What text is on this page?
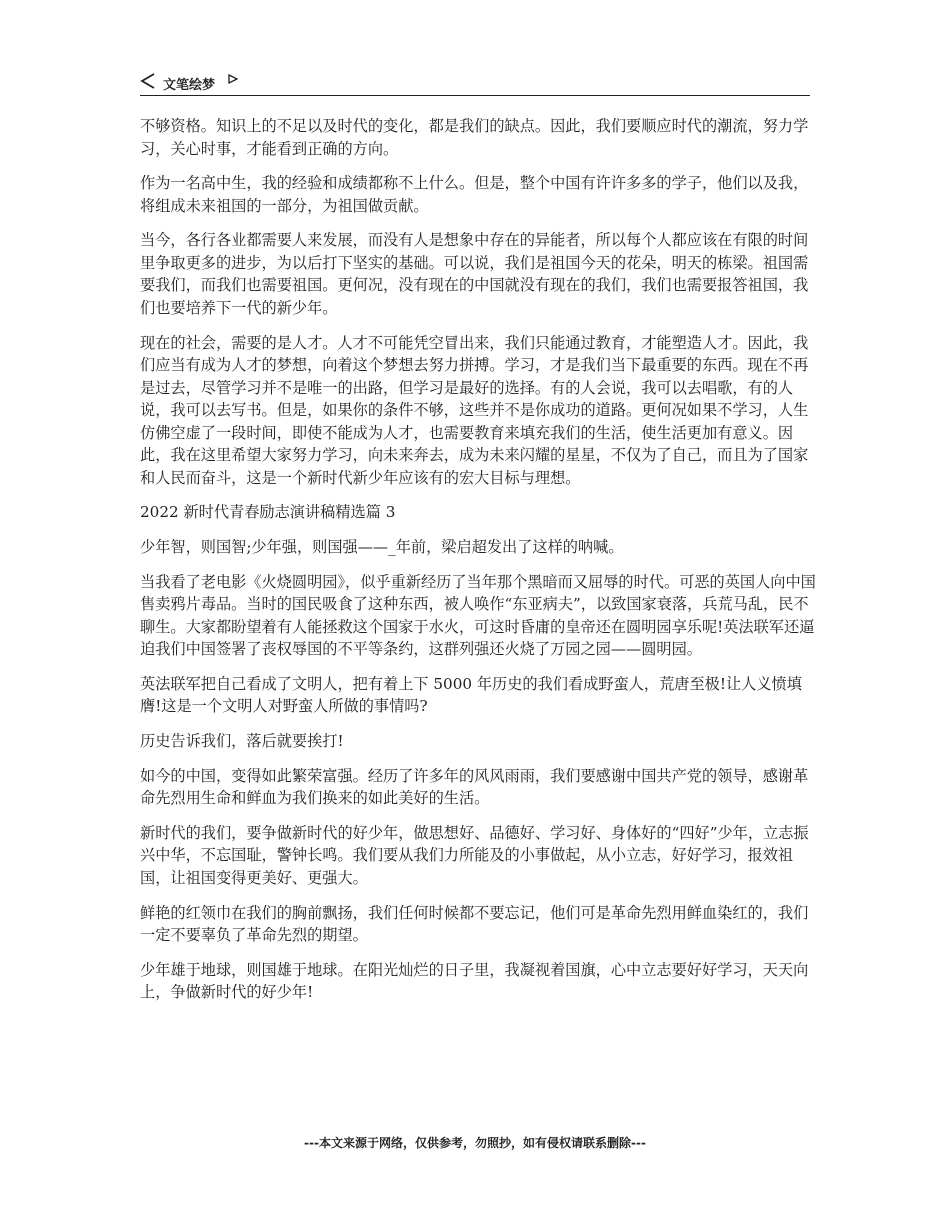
文笔绘梦

不够资格。知识上的不足以及时代的变化，都是我们的缺点。因此，我们要顺应时代的潮流，努力学习，关心时事，才能看到正确的方向。

作为一名高中生，我的经验和成绩都称不上什么。但是，整个中国有许许多多的学子，他们以及我，将组成未来祖国的一部分，为祖国做贡献。

当今，各行各业都需要人来发展，而没有人是想象中存在的异能者，所以每个人都应该在有限的时间里争取更多的进步，为以后打下坚实的基础。可以说，我们是祖国今天的花朵，明天的栋梁。祖国需要我们，而我们也需要祖国。更何况，没有现在的中国就没有现在的我们，我们也需要报答祖国，我们也要培养下一代的新少年。

现在的社会，需要的是人才。人才不可能凭空冒出来，我们只能通过教育，才能塑造人才。因此，我们应当有成为人才的梦想，向着这个梦想去努力拼搏。学习，才是我们当下最重要的东西。现在不再是过去，尽管学习并不是唯一的出路，但学习是最好的选择。有的人会说，我可以去唱歌，有的人说，我可以去写书。但是，如果你的条件不够，这些并不是你成功的道路。更何况如果不学习，人生仿佛空虚了一段时间，即使不能成为人才，也需要教育来填充我们的生活，使生活更加有意义。因此，我在这里希望大家努力学习，向未来奔去，成为未来闪耀的星星，不仅为了自己，而且为了国家和人民而奋斗，这是一个新时代新少年应该有的宏大目标与理想。

2022 新时代青春励志演讲稿精选篇 3

少年智，则国智;少年强，则国强——_年前，梁启超发出了这样的呐喊。

当我看了老电影《火烧圆明园》，似乎重新经历了当年那个黑暗而又屈辱的时代。可恶的英国人向中国售卖鸦片毒品。当时的国民吸食了这种东西，被人唤作“东亚病夫”，以致国家衰落，兵荒马乱，民不聊生。大家都盼望着有人能拯救这个国家于水火，可这时昏庸的皇帝还在圆明园享乐呢!英法联军还逼迫我们中国签署了丧权辱国的不平等条约，这群列强还火烧了万园之园——圆明园。

英法联军把自己看成了文明人，把有着上下 5000 年历史的我们看成野蛮人，荒唐至极!让人义愤填膺!这是一个文明人对野蛮人所做的事情吗?

历史告诉我们，落后就要挨打!

如今的中国，变得如此繁荣富强。经历了许多年的风风雨雨，我们要感谢中国共产党的领导，感谢革命先烈用生命和鲜血为我们换来的如此美好的生活。

新时代的我们，要争做新时代的好少年，做思想好、品德好、学习好、身体好的“四好”少年，立志振兴中华，不忘国耻，警钟长鸣。我们要从我们力所能及的小事做起，从小立志，好好学习，报效祖国，让祖国变得更美好、更强大。

鲜艳的红领巾在我们的胸前飘扬，我们任何时候都不要忘记，他们可是革命先烈用鲜血染红的，我们一定不要辜负了革命先烈的期望。

少年雄于地球，则国雄于地球。在阳光灿烂的日子里，我凝视着国旗，心中立志要好好学习，天天向上，争做新时代的好少年!

---本文来源于网络，仅供参考，勿照抄，如有侵权请联系删除---
